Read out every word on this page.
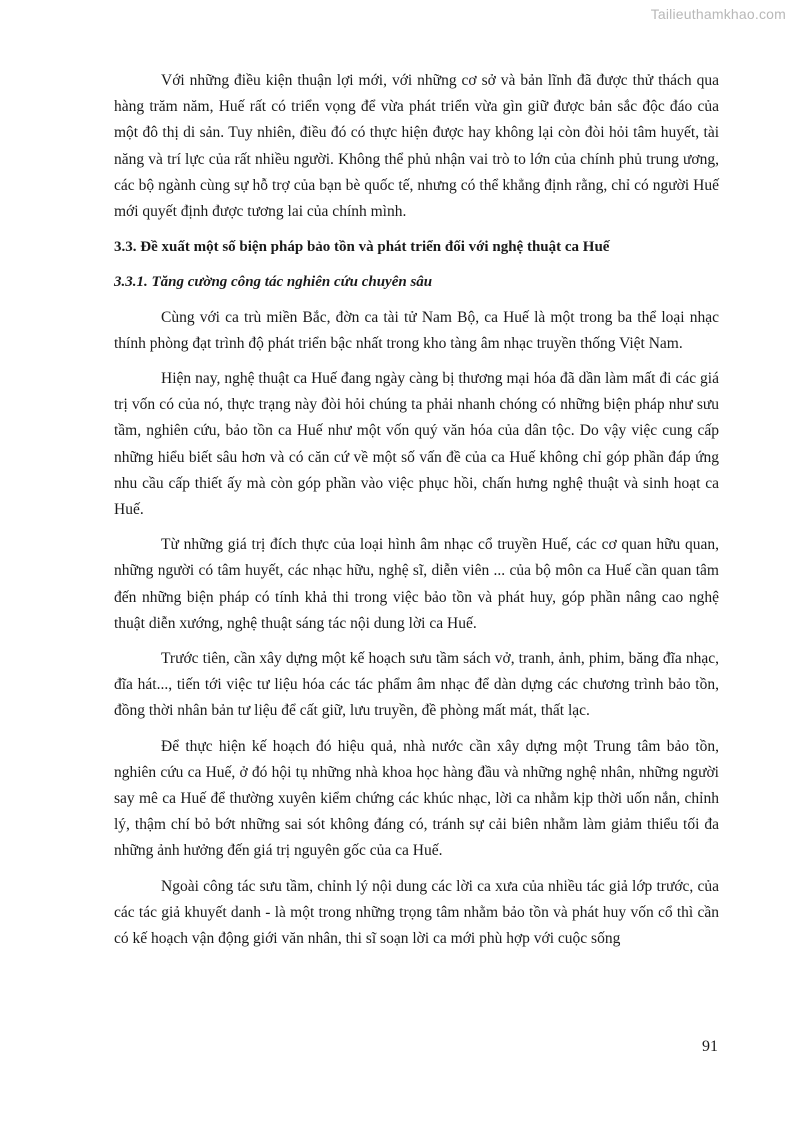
Tailieuthamkhao.com

Với những điều kiện thuận lợi mới, với những cơ sở và bản lĩnh đã được thử thách qua hàng trăm năm, Huế rất có triển vọng để vừa phát triển vừa gìn giữ được bản sắc độc đáo của một đô thị di sản. Tuy nhiên, điều đó có thực hiện được hay không lại còn đòi hỏi tâm huyết, tài năng và trí lực của rất nhiều người. Không thể phủ nhận vai trò to lớn của chính phủ trung ương, các bộ ngành cùng sự hỗ trợ của bạn bè quốc tế, nhưng có thể khẳng định rằng, chỉ có người Huế mới quyết định được tương lai của chính mình.

3.3. Đề xuất một số biện pháp bảo tồn và phát triển đối với nghệ thuật ca Huế

3.3.1. Tăng cường công tác nghiên cứu chuyên sâu

Cùng với ca trù miền Bắc, đờn ca tài tử Nam Bộ, ca Huế là một trong ba thể loại nhạc thính phòng đạt trình độ phát triển bậc nhất trong kho tàng âm nhạc truyền thống Việt Nam.

Hiện nay, nghệ thuật ca Huế đang ngày càng bị thương mại hóa đã dần làm mất đi các giá trị vốn có của nó, thực trạng này đòi hỏi chúng ta phải nhanh chóng có những biện pháp như sưu tầm, nghiên cứu, bảo tồn ca Huế như một vốn quý văn hóa của dân tộc. Do vậy việc cung cấp những hiểu biết sâu hơn và có căn cứ về một số vấn đề của ca Huế không chỉ góp phần đáp ứng nhu cầu cấp thiết ấy mà còn góp phần vào việc phục hồi, chấn hưng nghệ thuật và sinh hoạt ca Huế.

Từ những giá trị đích thực của loại hình âm nhạc cổ truyền Huế, các cơ quan hữu quan, những người có tâm huyết, các nhạc hữu, nghệ sĩ, diễn viên ... của bộ môn ca Huế cần quan tâm đến những biện pháp có tính khả thi trong việc bảo tồn và phát huy, góp phần nâng cao nghệ thuật diễn xướng, nghệ thuật sáng tác nội dung lời ca Huế.

Trước tiên, cần xây dựng một kế hoạch sưu tầm sách vở, tranh, ảnh, phim, băng đĩa nhạc, đĩa hát..., tiến tới việc tư liệu hóa các tác phẩm âm nhạc để dàn dựng các chương trình bảo tồn, đồng thời nhân bản tư liệu để cất giữ, lưu truyền, đề phòng mất mát, thất lạc.

Để thực hiện kế hoạch đó hiệu quả, nhà nước cần xây dựng một Trung tâm bảo tồn, nghiên cứu ca Huế, ở đó hội tụ những nhà khoa học hàng đầu và những nghệ nhân, những người say mê ca Huế để thường xuyên kiểm chứng các khúc nhạc, lời ca nhằm kịp thời uốn nắn, chỉnh lý, thậm chí bỏ bớt những sai sót không đáng có, tránh sự cải biên nhằm làm giảm thiểu tối đa những ảnh hưởng đến giá trị nguyên gốc của ca Huế.

Ngoài công tác sưu tầm, chỉnh lý nội dung các lời ca xưa của nhiều tác giả lớp trước, của các tác giả khuyết danh - là một trong những trọng tâm nhằm bảo tồn và phát huy vốn cổ thì cần có kế hoạch vận động giới văn nhân, thi sĩ soạn lời ca mới phù hợp với cuộc sống

91
